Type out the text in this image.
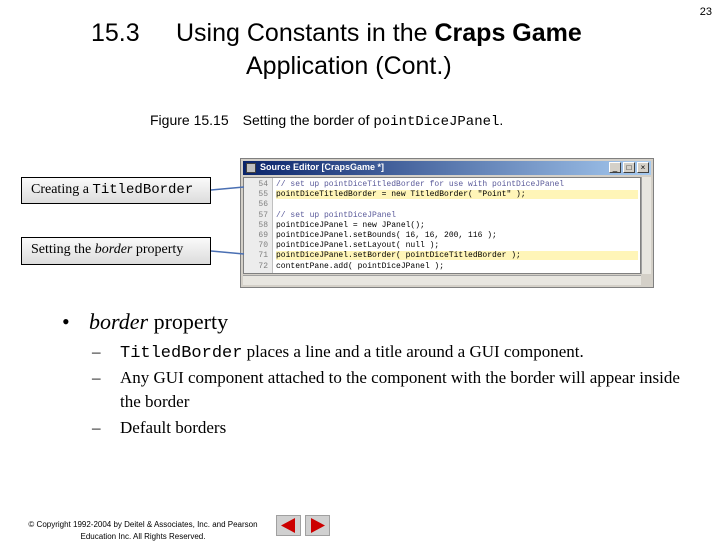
23
15.3 Using Constants in the Craps Game
Application (Cont.)
Figure 15.15 Setting the border of pointDiceJPanel.
Source Editor [CrapsGame *]	_	□	×
54 // set up pointDiceTitledBorder for use with pointDiceJPanel
55 pointDiceTitledBorder = new TitledBorder( "Point" );
56
57 // set up pointDiceJPanel
58 pointDiceJPanel = new JPanel();
69 pointDiceJPanel.setBounds( 16, 16, 200, 116 );
70 pointDiceJPanel.setLayout( null );
71 pointDiceJPanel.setBorder( pointDiceTitledBorder );
72 contentPane.add( pointDiceJPanel );
Creating a TitledBorder
Setting the border property
• border property
– TitledBorder places a line and a title around a GUI component.
– Any GUI component attached to the component with the border will appear inside the border
– Default borders
© Copyright 1992-2004 by Deitel & Associates, Inc. and Pearson
Education Inc. All Rights Reserved.
